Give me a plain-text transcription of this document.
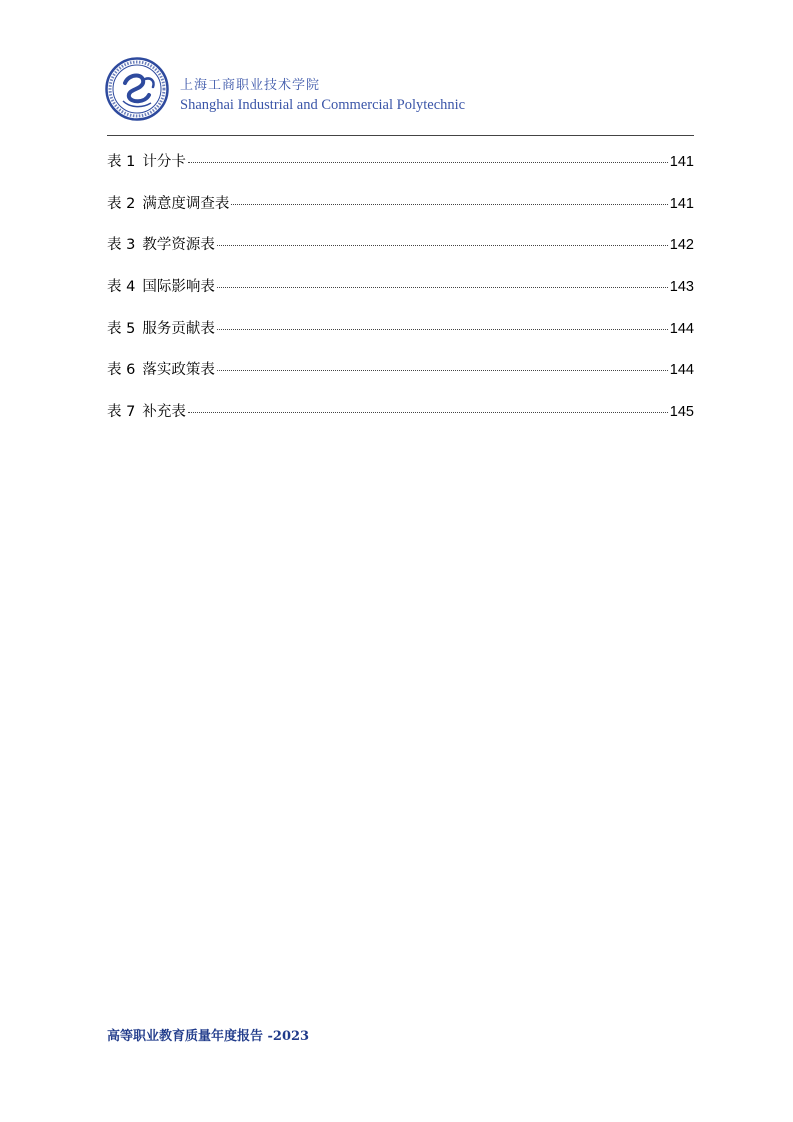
上海工商职业技术学院
Shanghai Industrial and Commercial Polytechnic
表 1 计分卡	141
表 2 满意度调查表	141
表 3 教学资源表	142
表 4 国际影响表	143
表 5 服务贡献表	144
表 6 落实政策表	144
表 7 补充表	145
高等职业教育质量年度报告 -2023
